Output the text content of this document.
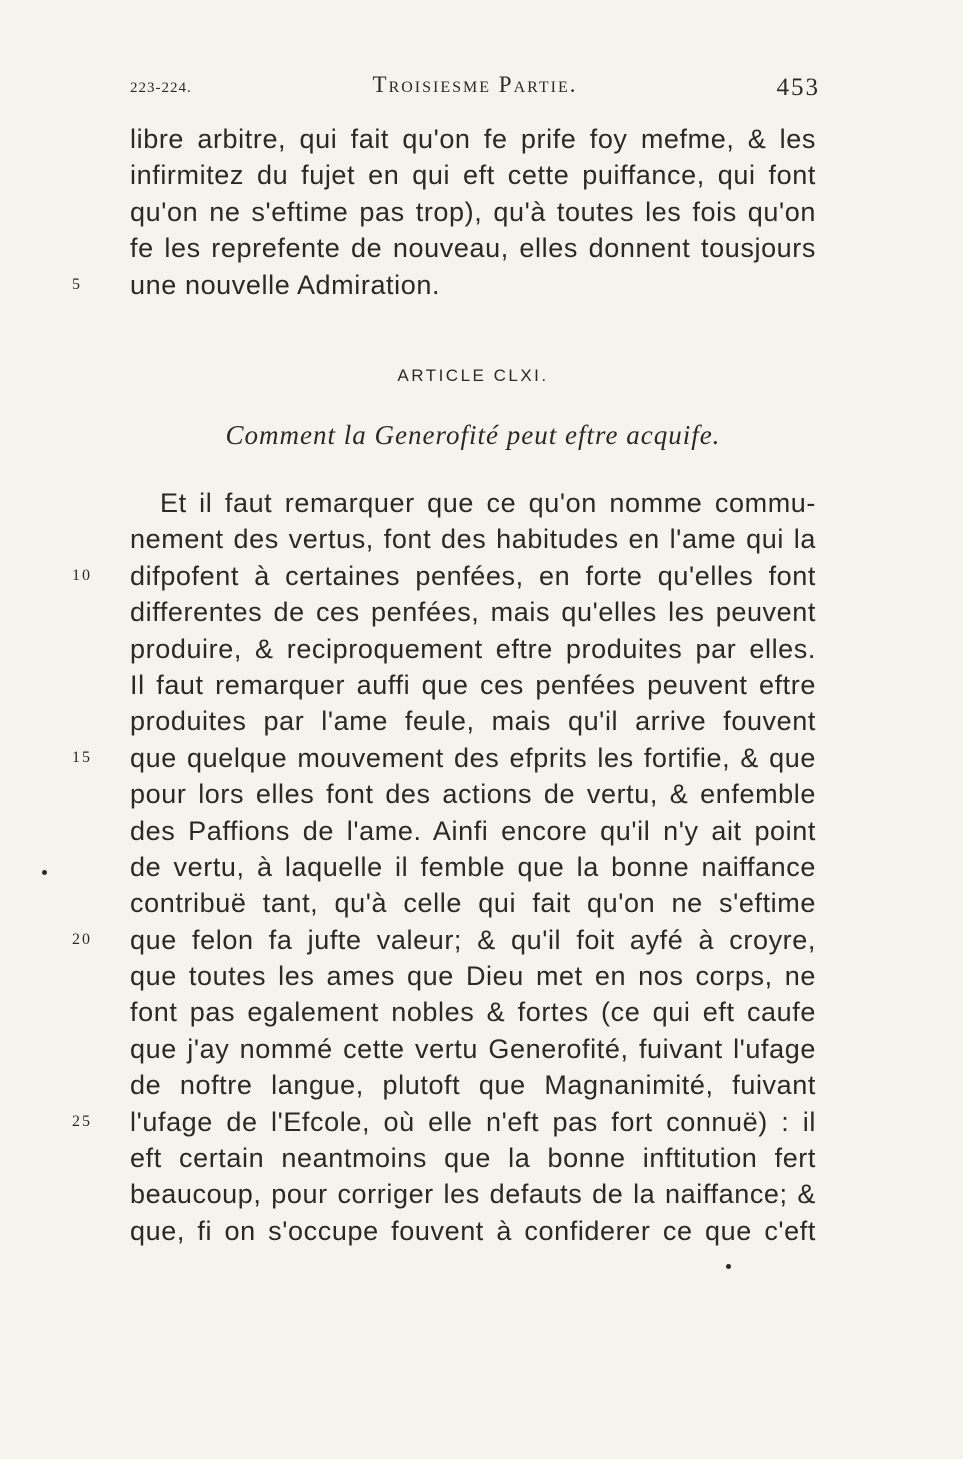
223-224.	Troisiesme Partie.	453
libre arbitre, qui fait qu'on fe prife foy mefme, & les
infirmitez du fujet en qui eft cette puiffance, qui font
qu'on ne s'eftime pas trop), qu'à toutes les fois qu'on
fe les reprefente de nouveau, elles donnent tousjours
une nouvelle Admiration.
5
ARTICLE CLXI.
Comment la Generofité peut eftre acquife.
Et il faut remarquer que ce qu'on nomme commu-
nement des vertus, font des habitudes en l'ame qui la
difpofent à certaines penfées, en forte qu'elles font
10
differentes de ces penfées, mais qu'elles les peuvent
produire, & reciproquement eftre produites par elles.
Il faut remarquer auffi que ces penfées peuvent eftre
produites par l'ame feule, mais qu'il arrive fouvent
que quelque mouvement des efprits les fortifie, & que
15
pour lors elles font des actions de vertu, & enfemble
des Paffions de l'ame. Ainfi encore qu'il n'y ait point
de vertu, à laquelle il femble que la bonne naiffance
contribuë tant, qu'à celle qui fait qu'on ne s'eftime
que felon fa jufte valeur; & qu'il foit ayfé à croyre,
20
que toutes les ames que Dieu met en nos corps, ne
font pas egalement nobles & fortes (ce qui eft caufe
que j'ay nommé cette vertu Generofité, fuivant l'ufage
de noftre langue, plutoft que Magnanimité, fuivant
l'ufage de l'Efcole, où elle n'eft pas fort connuë) : il
25
eft certain neantmoins que la bonne inftitution fert
beaucoup, pour corriger les defauts de la naiffance; &
que, fi on s'occupe fouvent à confiderer ce que c'eft
